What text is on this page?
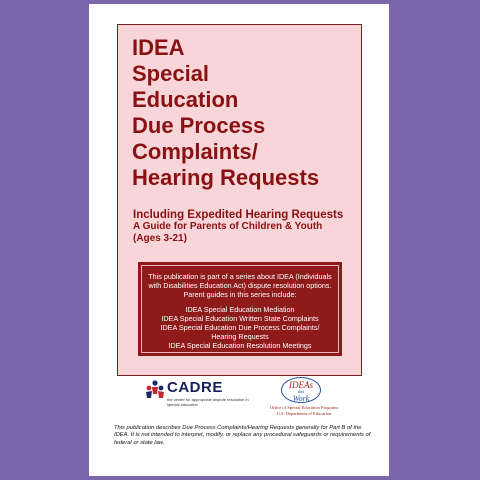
IDEA
Special
Education
Due Process
Complaints/
Hearing Requests
Including Expedited Hearing Requests
A Guide for Parents of Children & Youth
(Ages 3-21)

This publication is part of a series about IDEA (Individuals with Disabilities Education Act) dispute resolution options. Parent guides in this series include:

IDEA Special Education Mediation
IDEA Special Education Written State Complaints
IDEA Special Education Due Process Complaints/
Hearing Requests
IDEA Special Education Resolution Meetings
CADRE
the center for appropriate dispute resolution in special education
IDEAs
that
Work
Office of Special Education Programs
U.S. Department of Education
This publication describes Due Process Complaints/Hearing Requests generally for Part B of the IDEA. It is not intended to interpret, modify, or replace any procedural safeguards or requirements of federal or state law.
